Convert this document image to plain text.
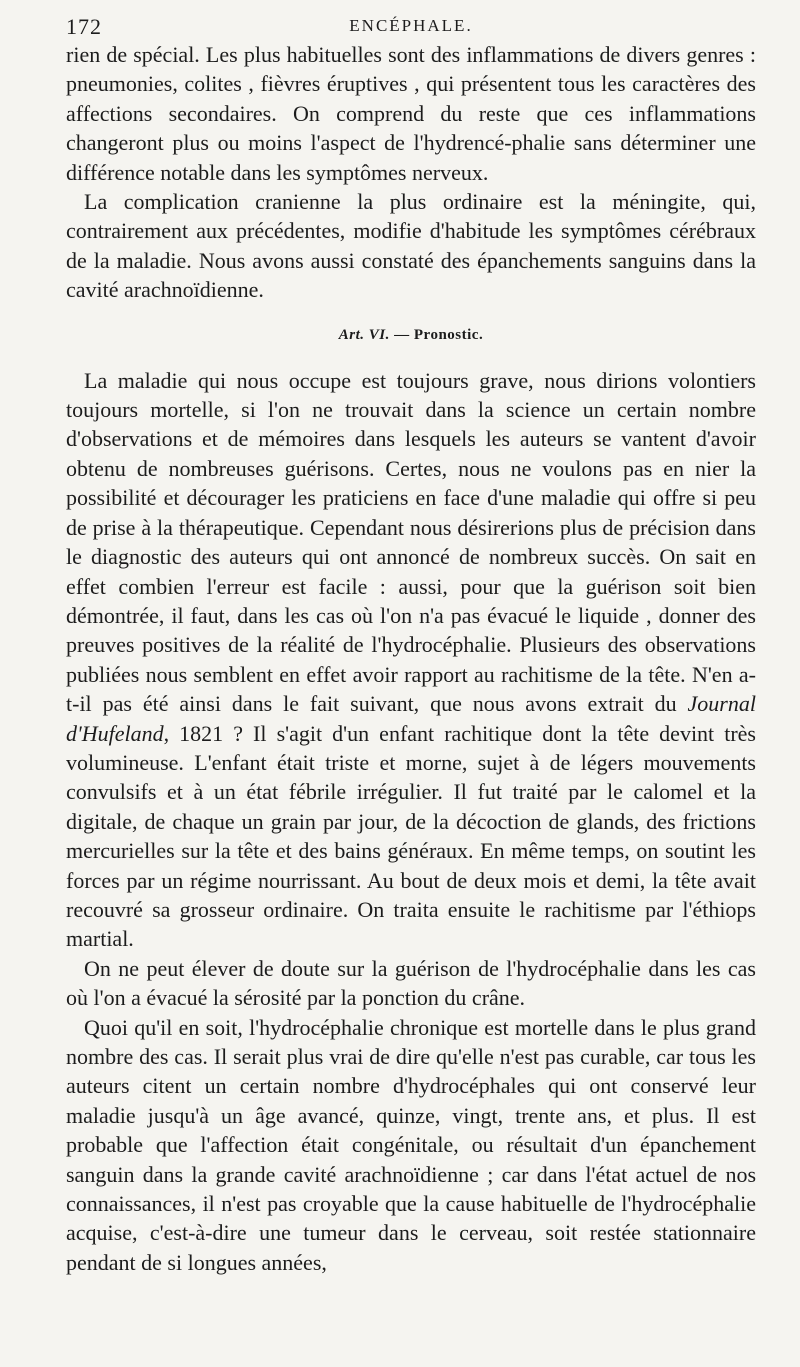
172	ENCÉPHALE.

rien de spécial. Les plus habituelles sont des inflammations de divers genres : pneumonies, colites , fièvres éruptives , qui présentent tous les caractères des affections secondaires. On comprend du reste que ces inflammations changeront plus ou moins l'aspect de l'hydrencé-phalie sans déterminer une différence notable dans les symptômes nerveux.

La complication cranienne la plus ordinaire est la méningite, qui, contrairement aux précédentes, modifie d'habitude les symptômes cérébraux de la maladie. Nous avons aussi constaté des épanchements sanguins dans la cavité arachnoïdienne.

Art. VI. — Pronostic.

La maladie qui nous occupe est toujours grave, nous dirions volontiers toujours mortelle, si l'on ne trouvait dans la science un certain nombre d'observations et de mémoires dans lesquels les auteurs se vantent d'avoir obtenu de nombreuses guérisons. Certes, nous ne voulons pas en nier la possibilité et décourager les praticiens en face d'une maladie qui offre si peu de prise à la thérapeutique. Cependant nous désirerions plus de précision dans le diagnostic des auteurs qui ont annoncé de nombreux succès. On sait en effet combien l'erreur est facile : aussi, pour que la guérison soit bien démontrée, il faut, dans les cas où l'on n'a pas évacué le liquide , donner des preuves positives de la réalité de l'hydrocéphalie. Plusieurs des observations publiées nous semblent en effet avoir rapport au rachitisme de la tête. N'en a-t-il pas été ainsi dans le fait suivant, que nous avons extrait du Journal d'Hufeland, 1821 ? Il s'agit d'un enfant rachitique dont la tête devint très volumineuse. L'enfant était triste et morne, sujet à de légers mouvements convulsifs et à un état fébrile irrégulier. Il fut traité par le calomel et la digitale, de chaque un grain par jour, de la décoction de glands, des frictions mercurielles sur la tête et des bains généraux. En même temps, on soutint les forces par un régime nourrissant. Au bout de deux mois et demi, la tête avait recouvré sa grosseur ordinaire. On traita ensuite le rachitisme par l'éthiops martial.

On ne peut élever de doute sur la guérison de l'hydrocéphalie dans les cas où l'on a évacué la sérosité par la ponction du crâne.

Quoi qu'il en soit, l'hydrocéphalie chronique est mortelle dans le plus grand nombre des cas. Il serait plus vrai de dire qu'elle n'est pas curable, car tous les auteurs citent un certain nombre d'hydrocéphales qui ont conservé leur maladie jusqu'à un âge avancé, quinze, vingt, trente ans, et plus. Il est probable que l'affection était congénitale, ou résultait d'un épanchement sanguin dans la grande cavité arachnoïdienne ; car dans l'état actuel de nos connaissances, il n'est pas croyable que la cause habituelle de l'hydrocéphalie acquise, c'est-à-dire une tumeur dans le cerveau, soit restée stationnaire pendant de si longues années,
